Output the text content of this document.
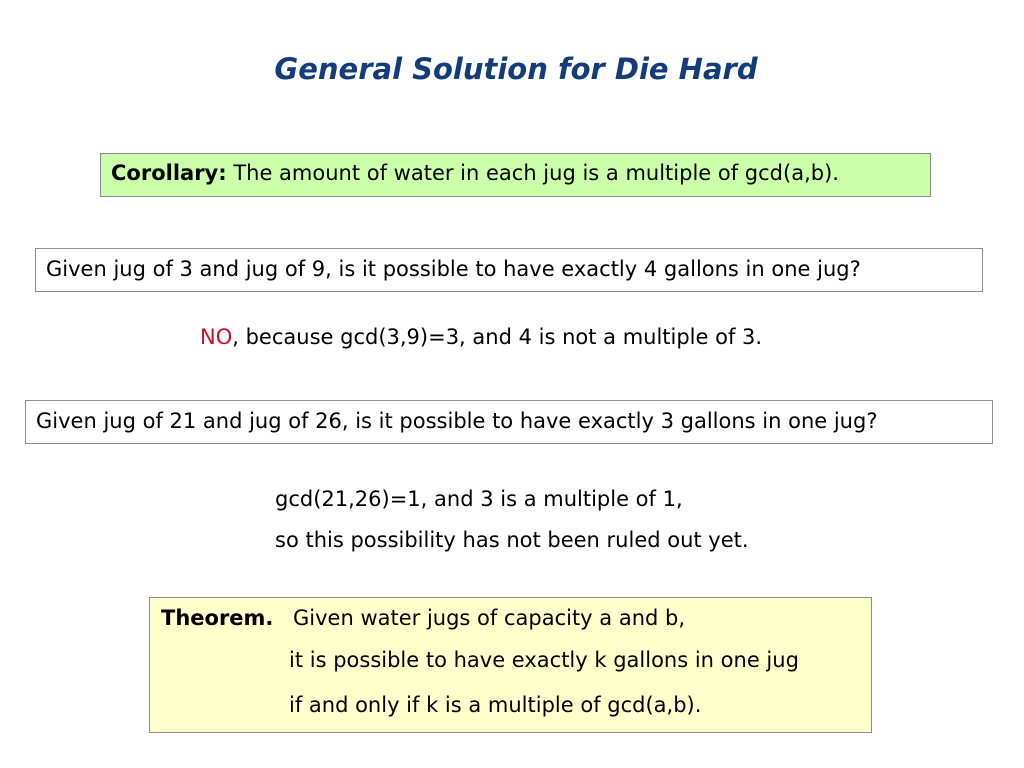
General Solution for Die Hard
Corollary: The amount of water in each jug is a multiple of gcd(a,b).
Given jug of 3 and jug of 9, is it possible to have exactly 4 gallons in one jug?
NO, because gcd(3,9)=3, and 4 is not a multiple of 3.
Given jug of 21 and jug of 26, is it possible to have exactly 3 gallons in one jug?
gcd(21,26)=1, and 3 is a multiple of 1,
so this possibility has not been ruled out yet.
Theorem. Given water jugs of capacity a and b,
it is possible to have exactly k gallons in one jug
if and only if k is a multiple of gcd(a,b).
